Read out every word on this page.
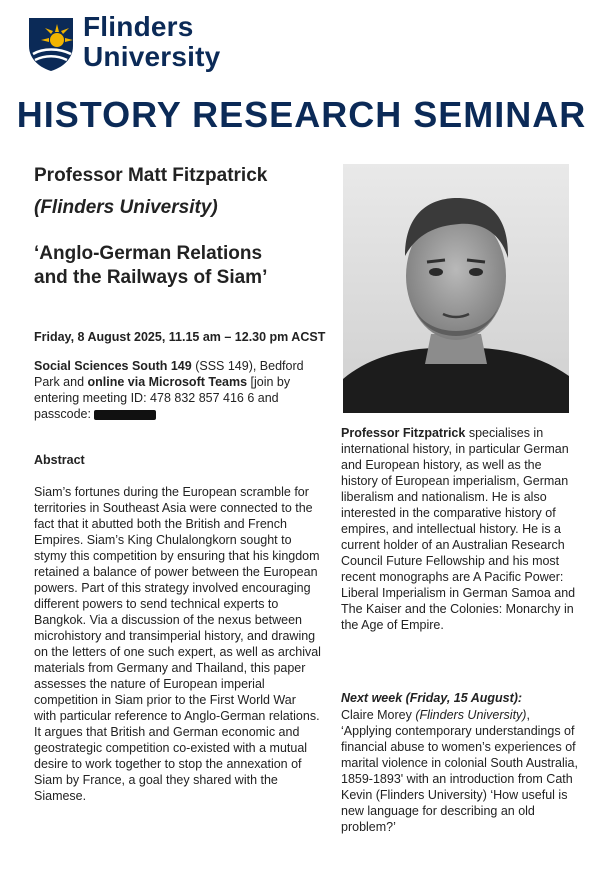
Flinders
University
HISTORY RESEARCH SEMINAR
Professor Matt Fitzpatrick
(Flinders University)
‘Anglo-German Relations
and the Railways of Siam’
Friday, 8 August 2025, 11.15 am – 12.30 pm ACST
Social Sciences South 149 (SSS 149), Bedford Park and online via Microsoft Teams [join by entering meeting ID: 478 832 857 416 6 and passcode:
Abstract
Siam’s fortunes during the European scramble for territories in Southeast Asia were connected to the fact that it abutted both the British and French Empires. Siam’s King Chulalongkorn sought to stymy this competition by ensuring that his kingdom retained a balance of power between the European powers. Part of this strategy involved encouraging different powers to send technical experts to Bangkok. Via a discussion of the nexus between microhistory and transimperial history, and drawing on the letters of one such expert, as well as archival materials from Germany and Thailand, this paper assesses the nature of European imperial competition in Siam prior to the First World War with particular reference to Anglo-German relations. It argues that British and German economic and geostrategic competition co-existed with a mutual desire to work together to stop the annexation of Siam by France, a goal they shared with the Siamese.
Professor Fitzpatrick specialises in international history, in particular German and European history, as well as the history of European imperialism, German liberalism and nationalism. He is also interested in the comparative history of empires, and intellectual history. He is a current holder of an Australian Research Council Future Fellowship and his most recent monographs are A Pacific Power: Liberal Imperialism in German Samoa and The Kaiser and the Colonies: Monarchy in the Age of Empire.
Next week (Friday, 15 August):
Claire Morey (Flinders University), ‘Applying contemporary understandings of financial abuse to women’s experiences of marital violence in colonial South Australia, 1859-1893' with an introduction from Cath Kevin (Flinders University) ‘How useful is new language for describing an old problem?’
